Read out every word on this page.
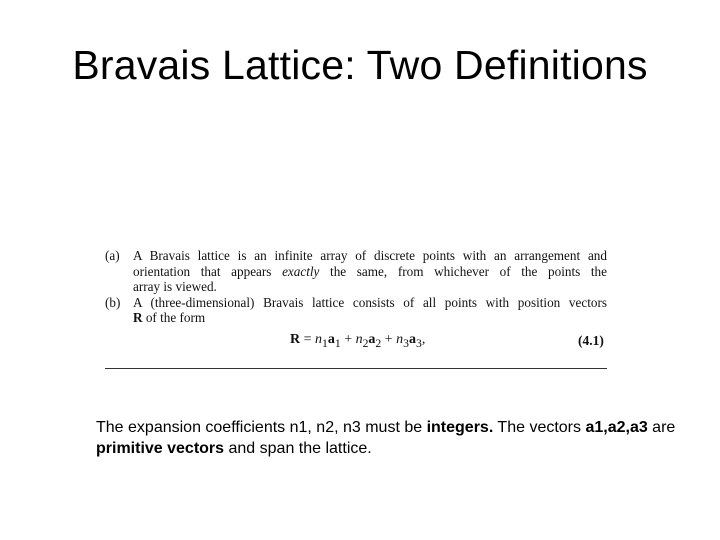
Bravais Lattice: Two Definitions
(a) A Bravais lattice is an infinite array of discrete points with an arrangement and
orientation that appears exactly the same, from whichever of the points the
array is viewed.
(b) A (three-dimensional) Bravais lattice consists of all points with position vectors
R of the form
$R = n_1a_1 + n_2a_2 + n_3a_3$,	(4.1)
The expansion coefficients n1, n2, n3 must be integers. The vectors a1,a2,a3 are primitive vectors and span the lattice.
